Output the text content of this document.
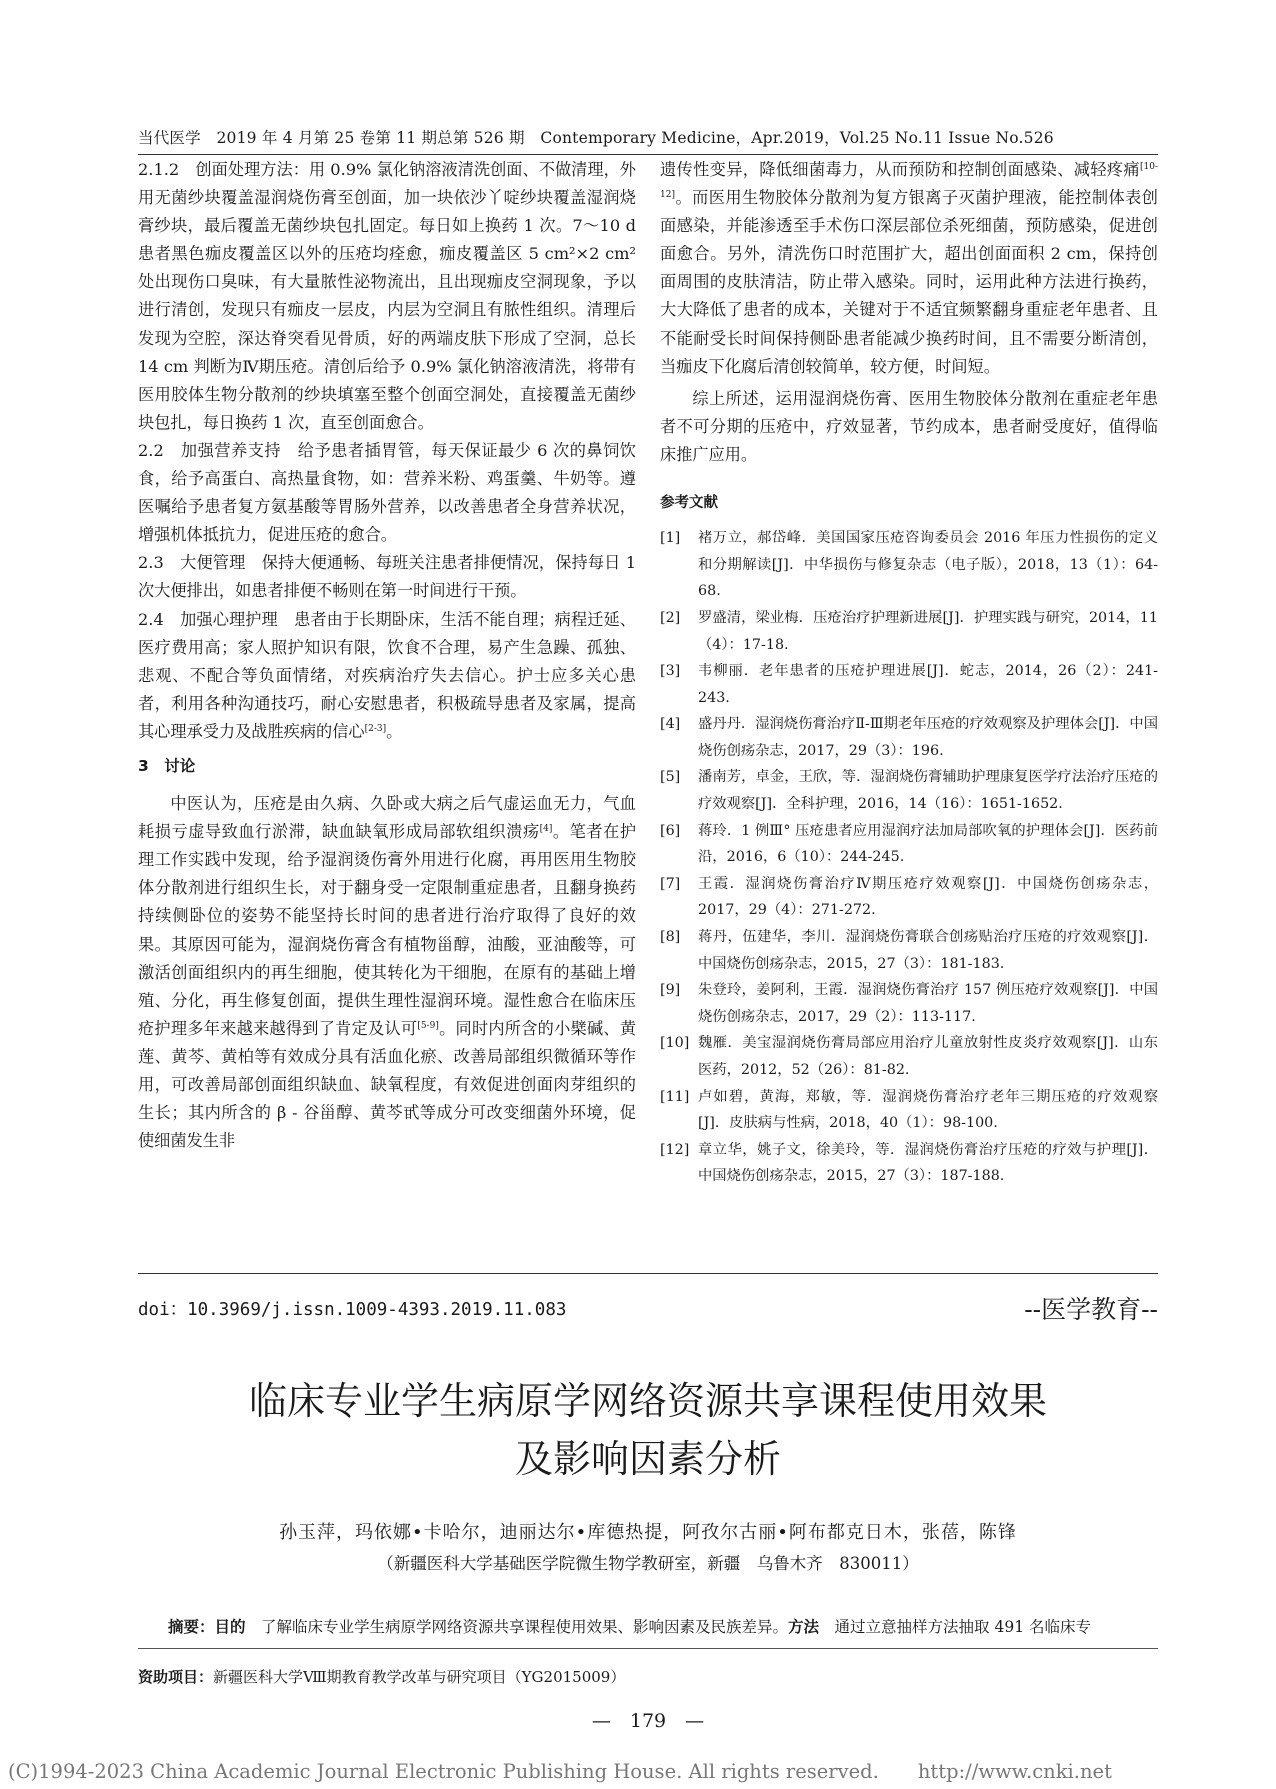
当代医学　2019 年 4 月第 25 卷第 11 期总第 526 期　Contemporary Medicine，Apr.2019，Vol.25 No.11 Issue No.526

2.1.2　创面处理方法：用 0.9% 氯化钠溶液清洗创面、不做清理，外用无菌纱块覆盖湿润烧伤膏至创面，加一块依沙丫啶纱块覆盖湿润烧膏纱块，最后覆盖无菌纱块包扎固定。每日如上换药 1 次。7～10 d 患者黑色痂皮覆盖区以外的压疮均痊愈，痂皮覆盖区 5 cm²×2 cm² 处出现伤口臭味，有大量脓性泌物流出，且出现痂皮空洞现象，予以进行清创，发现只有痂皮一层皮，内层为空洞且有脓性组织。清理后发现为空腔，深达脊突看见骨质，好的两端皮肤下形成了空洞，总长 14 cm 判断为Ⅳ期压疮。清创后给予 0.9% 氯化钠溶液清洗，将带有医用胶体生物分散剂的纱块填塞至整个创面空洞处，直接覆盖无菌纱块包扎，每日换药 1 次，直至创面愈合。

2.2　加强营养支持　给予患者插胃管，每天保证最少 6 次的鼻饲饮食，给予高蛋白、高热量食物，如：营养米粉、鸡蛋羹、牛奶等。遵医嘱给予患者复方氨基酸等胃肠外营养，以改善患者全身营养状况，增强机体抵抗力，促进压疮的愈合。

2.3　大便管理　保持大便通畅、每班关注患者排便情况，保持每日 1 次大便排出，如患者排便不畅则在第一时间进行干预。

2.4　加强心理护理　患者由于长期卧床，生活不能自理；病程迁延、医疗费用高；家人照护知识有限，饮食不合理，易产生急躁、孤独、悲观、不配合等负面情绪，对疾病治疗失去信心。护士应多关心患者，利用各种沟通技巧，耐心安慰患者，积极疏导患者及家属，提高其心理承受力及战胜疾病的信心[2-3]。

3　讨论

中医认为，压疮是由久病、久卧或大病之后气虚运血无力，气血耗损亏虚导致血行淤滞，缺血缺氧形成局部软组织溃疡[4]。笔者在护理工作实践中发现，给予湿润烫伤膏外用进行化腐，再用医用生物胶体分散剂进行组织生长，对于翻身受一定限制重症患者，且翻身换药持续侧卧位的姿势不能坚持长时间的患者进行治疗取得了良好的效果。其原因可能为，湿润烧伤膏含有植物甾醇，油酸，亚油酸等，可激活创面组织内的再生细胞，使其转化为干细胞，在原有的基础上增殖、分化，再生修复创面，提供生理性湿润环境。湿性愈合在临床压疮护理多年来越来越得到了肯定及认可[5-9]。同时内所含的小檗碱、黄莲、黄芩、黄柏等有效成分具有活血化瘀、改善局部组织微循环等作用，可改善局部创面组织缺血、缺氧程度，有效促进创面肉芽组织的生长；其内所含的 β - 谷甾醇、黄芩甙等成分可改变细菌外环境，促使细菌发生非

遗传性变异，降低细菌毒力，从而预防和控制创面感染、减轻疼痛[10-12]。而医用生物胶体分散剂为复方银离子灭菌护理液，能控制体表创面感染，并能渗透至手术伤口深层部位杀死细菌，预防感染，促进创面愈合。另外，清洗伤口时范围扩大，超出创面面积 2 cm，保持创面周围的皮肤清洁，防止带入感染。同时，运用此种方法进行换药，大大降低了患者的成本，关键对于不适宜频繁翻身重症老年患者、且不能耐受长时间保持侧卧患者能减少换药时间，且不需要分断清创，当痂皮下化腐后清创较简单，较方便，时间短。

综上所述，运用湿润烧伤膏、医用生物胶体分散剂在重症老年患者不可分期的压疮中，疗效显著，节约成本，患者耐受度好，值得临床推广应用。

参考文献
[1]	褚万立，郝岱峰．美国国家压疮咨询委员会 2016 年压力性损伤的定义和分期解读[J]．中华损伤与修复杂志（电子版），2018，13（1）：64-68.
[2]	罗盛清，梁业梅．压疮治疗护理新进展[J]．护理实践与研究，2014，11（4）：17-18.
[3]	韦柳丽．老年患者的压疮护理进展[J]．蛇志，2014，26（2）：241-243.
[4]	盛丹丹．湿润烧伤膏治疗Ⅱ-Ⅲ期老年压疮的疗效观察及护理体会[J]．中国烧伤创疡杂志，2017，29（3）：196.
[5]	潘南芳，卓金，王欣，等．湿润烧伤膏辅助护理康复医学疗法治疗压疮的疗效观察[J]．全科护理，2016，14（16）：1651-1652.
[6]	蒋玲．1 例Ⅲ° 压疮患者应用湿润疗法加局部吹氧的护理体会[J]．医药前沿，2016，6（10）：244-245.
[7]	王霞．湿润烧伤膏治疗Ⅳ期压疮疗效观察[J]．中国烧伤创疡杂志，2017，29（4）：271-272.
[8]	蒋丹，伍建华，李川．湿润烧伤膏联合创疡贴治疗压疮的疗效观察[J]．中国烧伤创疡杂志，2015，27（3）：181-183.
[9]	朱登玲，姜阿利，王霞．湿润烧伤膏治疗 157 例压疮疗效观察[J]．中国烧伤创疡杂志，2017，29（2）：113-117.
[10] 魏雁．美宝湿润烧伤膏局部应用治疗儿童放射性皮炎疗效观察[J]．山东医药，2012，52（26）：81-82.
[11] 卢如碧，黄海，郑敏，等．湿润烧伤膏治疗老年三期压疮的疗效观察[J]．皮肤病与性病，2018，40（1）：98-100.
[12] 章立华，姚子文，徐美玲，等．湿润烧伤膏治疗压疮的疗效与护理[J]．中国烧伤创疡杂志，2015，27（3）：187-188.
doi：10.3969/j.issn.1009-4393.2019.11.083	--医学教育--
临床专业学生病原学网络资源共享课程使用效果
及影响因素分析
孙玉萍，玛依娜•卡哈尔，迪丽达尔•库德热提，阿孜尔古丽•阿布都克日木，张蓓，陈锋
（新疆医科大学基础医学院微生物学教研室，新疆　乌鲁木齐　830011）
摘要：目的　了解临床专业学生病原学网络资源共享课程使用效果、影响因素及民族差异。方法　通过立意抽样方法抽取 491 名临床专
资助项目：新疆医科大学Ⅷ期教育教学改革与研究项目（YG2015009）
—　179　—
(C)1994-2023 China Academic Journal Electronic Publishing House. All rights reserved.　　http://www.cnki.net
